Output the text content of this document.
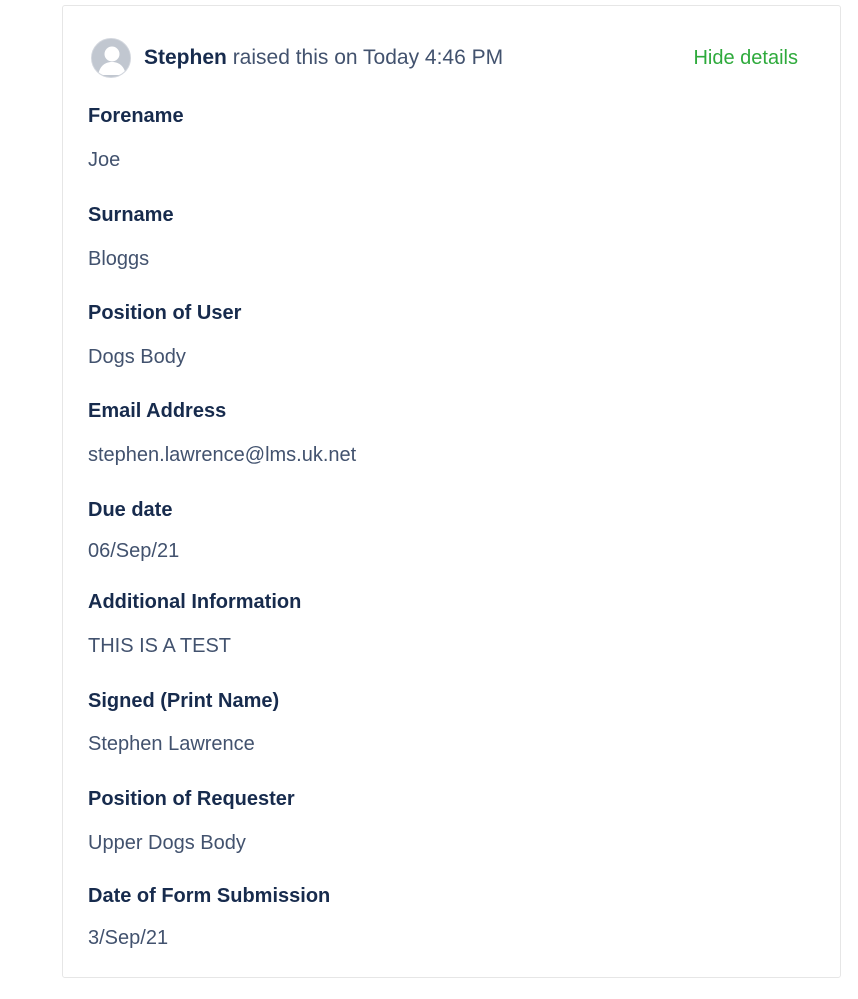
Stephen raised this on Today 4:46 PM	Hide details
Forename
Joe
Surname
Bloggs
Position of User
Dogs Body
Email Address
stephen.lawrence@lms.uk.net
Due date
06/Sep/21
Additional Information
THIS IS A TEST
Signed (Print Name)
Stephen Lawrence
Position of Requester
Upper Dogs Body
Date of Form Submission
3/Sep/21
